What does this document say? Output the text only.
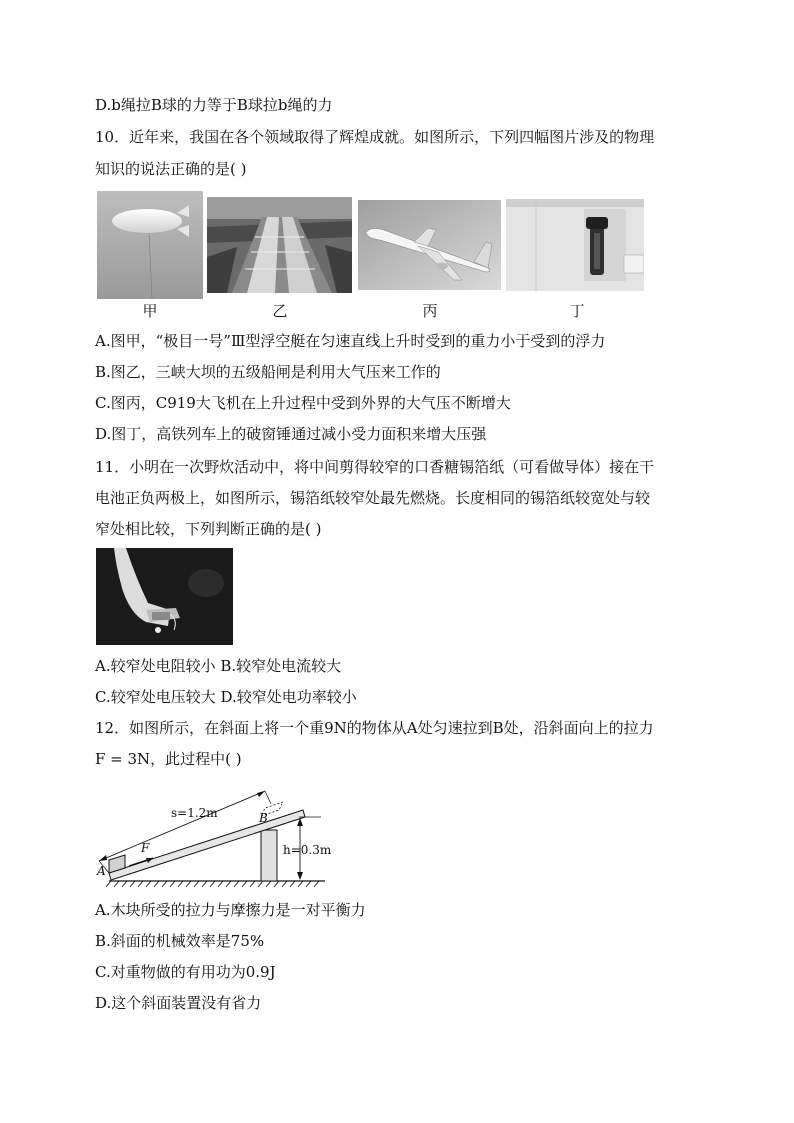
D.b绳拉B球的力等于B球拉b绳的力
10．近年来，我国在各个领域取得了辉煌成就。如图所示，下列四幅图片涉及的物理
知识的说法正确的是( )
甲	乙	丙	丁
A.图甲，“极目一号”Ⅲ型浮空艇在匀速直线上升时受到的重力小于受到的浮力
B.图乙，三峡大坝的五级船闸是利用大气压来工作的
C.图丙，C919大飞机在上升过程中受到外界的大气压不断增大
D.图丁，高铁列车上的破窗锤通过减小受力面积来增大压强
11．小明在一次野炊活动中，将中间剪得较窄的口香糖锡箔纸（可看做导体）接在干
电池正负两极上，如图所示，锡箔纸较窄处最先燃烧。长度相同的锡箔纸较宽处与较
窄处相比较，下列判断正确的是( )
A.较窄处电阻较小 B.较窄处电流较大
C.较窄处电压较大 D.较窄处电功率较小
12．如图所示，在斜面上将一个重9N的物体从A处匀速拉到B处，沿斜面向上的拉力
F = 3N，此过程中( )
F
s=1.2m
A
B
h=0.3m
A.木块所受的拉力与摩擦力是一对平衡力
B.斜面的机械效率是75%
C.对重物做的有用功为0.9J
D.这个斜面装置没有省力
